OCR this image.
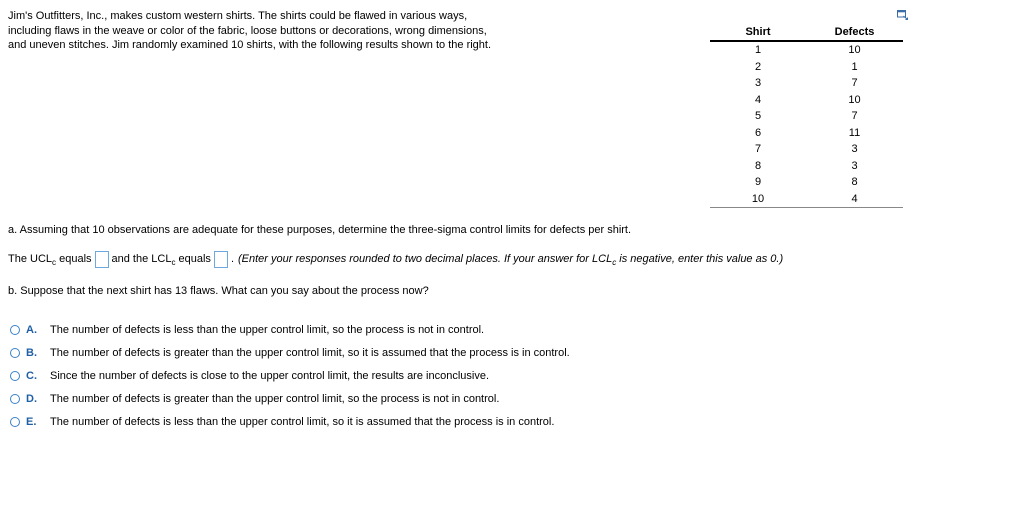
Jim's Outfitters, Inc., makes custom western shirts. The shirts could be flawed in various ways,
including flaws in the weave or color of the fabric, loose buttons or decorations, wrong dimensions,
and uneven stitches. Jim randomly examined 10 shirts, with the following results shown to the right.
Shirt	Defects
1	10
2	1
3	7
4	10
5	7
6	11
7	3
8	3
9	8
10	4
a. Assuming that 10 observations are adequate for these purposes, determine the three-sigma control limits for defects per shirt.
The UCL c
equals and the LCL c
equals . (Enter your responses rounded to two decimal places. If your answer for $LCL_c$ is negative, enter this value as 0.)
b. Suppose that the next shirt has 13 flaws. What can you say about the process now?
A.	The number of defects is less than the upper control limit, so the process is not in control.
B.	The number of defects is greater than the upper control limit, so it is assumed that the process is in control.
C.	Since the number of defects is close to the upper control limit, the results are inconclusive.
D.	The number of defects is greater than the upper control limit, so the process is not in control.
E.	The number of defects is less than the upper control limit, so it is assumed that the process is in control.
